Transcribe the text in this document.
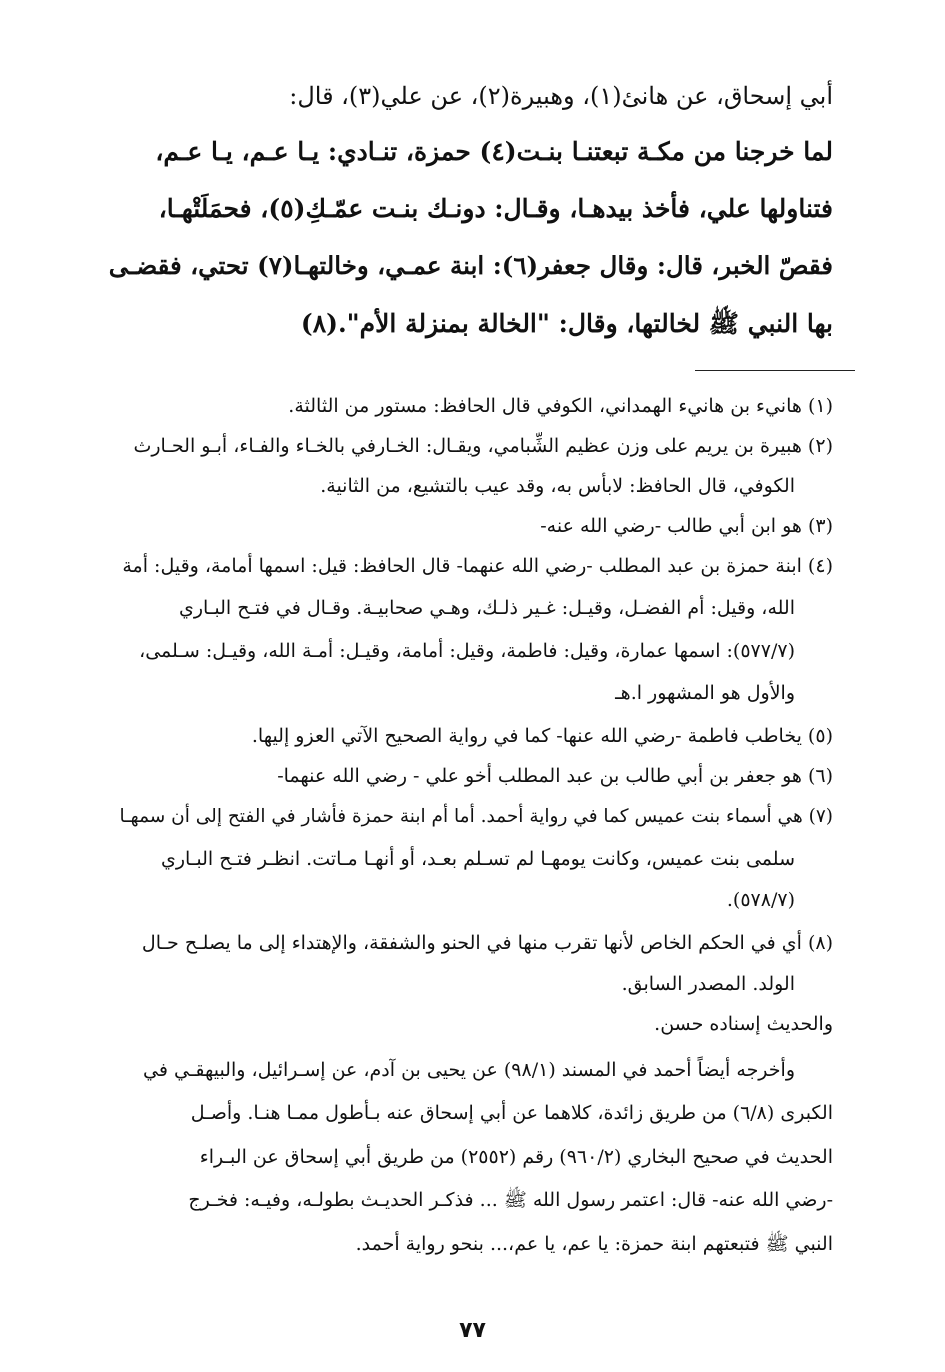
أبي إسحاق، عن هانئ(١)، وهبيرة(٢)، عن علي(٣)، قال:

لما خرجنا من مكـة تبعتنـا بنـت(٤) حمزة، تنـادي: يـا عـم، يـا عـم،

فتناولها علي، فأخذ بيدهـا، وقـال: دونـك بنـت عمّـكِ(٥)، فحمَلَتْهـا،

فقصّ الخبر، قال: وقال جعفر(٦): ابنة عمـي، وخالتهـا(٧) تحتي، فقضـى

بها النبي ﷺ لخالتها، وقال: "الخالة بمنزلة الأم".(٨)

(١) هانيء بن هانيء الهمداني، الكوفي قال الحافظ: مستور من الثالثة.

(٢) هبيرة بن يريم على وزن عظيم الشِّبامي، ويقـال: الخـارفي بالخـاء والفـاء، أبـو الحـارث

الكوفي، قال الحافظ: لابأس به، وقد عيب بالتشيع، من الثانية.

(٣) هو ابن أبي طالب -رضي الله عنه-

(٤) ابنة حمزة بن عبد المطلب -رضي الله عنهما- قال الحافظ: قيل: اسمها أمامة، وقيل: أمة

الله، وقيل: أم الفضـل، وقيـل: غـير ذلـك، وهـي صحابيـة. وقـال في فتـح البـاري

(٥٧٧/٧): اسمها عمارة، وقيل: فاطمة، وقيل: أمامة، وقيـل: أمـة الله، وقيـل: سـلمى،

والأول هو المشهور ا.هـ

(٥) يخاطب فاطمة -رضي الله عنها- كما في رواية الصحيح الآتي العزو إليها.

(٦) هو جعفر بن أبي طالب بن عبد المطلب أخو علي - رضي الله عنهما-

(٧) هي أسماء بنت عميس كما في رواية أحمد. أما أم ابنة حمزة فأشار في الفتح إلى أن سمهـا

سلمى بنت عميس، وكانت يومهـا لم تسـلم بعـد، أو أنهـا مـاتت. انظـر فتـح البـاري

(٥٧٨/٧).

(٨) أي في الحكم الخاص لأنها تقرب منها في الحنو والشفقة، والإهتداء إلى ما يصلـح حـال

الولد. المصدر السابق.

والحديث إسناده حسن.

وأخرجه أيضاً أحمد في المسند (٩٨/١) عن يحيى بن آدم، عن إسـرائيل، والبيهقـي في

الكبرى (٦/٨) من طريق زائدة، كلاهما عن أبي إسحاق عنه بـأطول ممـا هنـا. وأصـل

الحديث في صحيح البخاري (٩٦٠/٢) رقم (٢٥٥٢) من طريق أبي إسحاق عن البـراء

-رضي الله عنه- قال: اعتمر رسول الله ﷺ ... فذكـر الحديـث بطولـه، وفيـه: فخـرج

النبي ﷺ فتبعتهم ابنة حمزة: يا عم، يا عم،... بنحو رواية أحمد.

٧٧
